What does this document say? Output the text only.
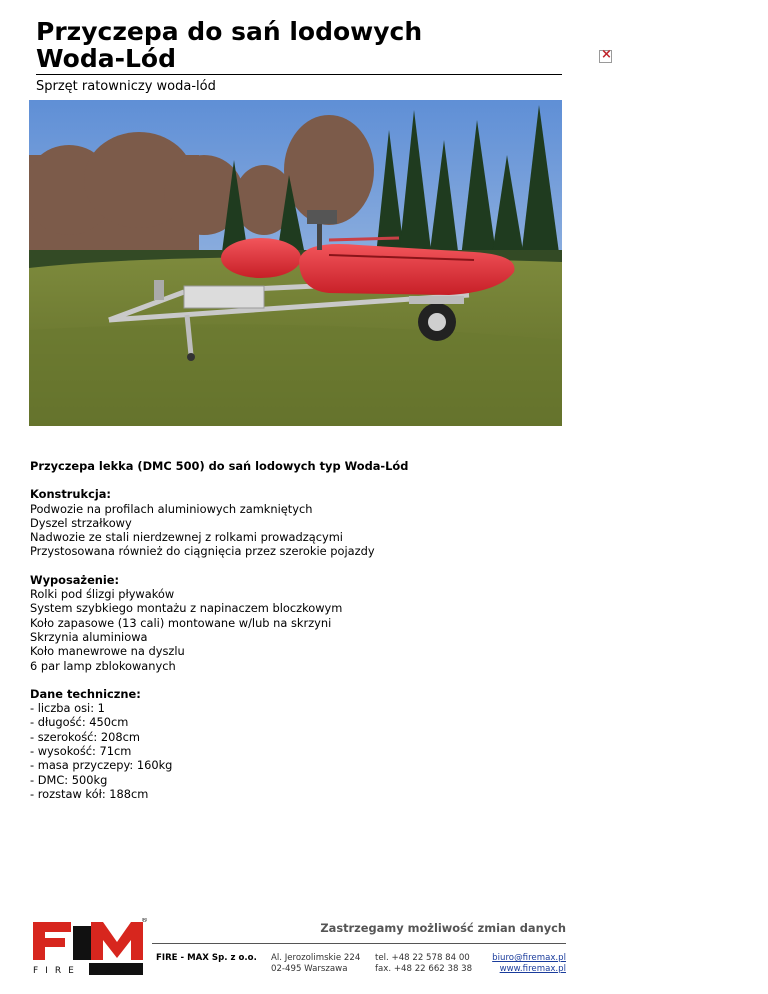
Przyczepa do sań lodowych
Woda-Lód
Sprzęt ratowniczy woda-lód
×
Przyczepa lekka (DMC 500) do sań lodowych typ Woda-Lód
Konstrukcja:
Podwozie na profilach aluminiowych zamkniętych
Dyszel strzałkowy
Nadwozie ze stali nierdzewnej z rolkami prowadzącymi
Przystosowana również do ciągnięcia przez szerokie pojazdy
Wyposażenie:
Rolki pod ślizgi pływaków
System szybkiego montażu z napinaczem bloczkowym
Koło zapasowe (13 cali) montowane w/lub na skrzyni
Skrzynia aluminiowa
Koło manewrowe na dyszlu
6 par lamp zblokowanych
Dane techniczne:
- liczba osi: 1
- długość: 450cm
- szerokość: 208cm
- wysokość: 71cm
- masa przyczepy: 160kg
- DMC: 500kg
- rozstaw kół: 188cm
FIRE MAX
®
Zastrzegamy możliwość zmian danych
FIRE - MAX Sp. z o.o. Al. Jerozolimskie 224
02-495 Warszawa
tel. +48 22 578 84 00
fax. +48 22 662 38 38
biuro@firemax.pl
www.firemax.pl
